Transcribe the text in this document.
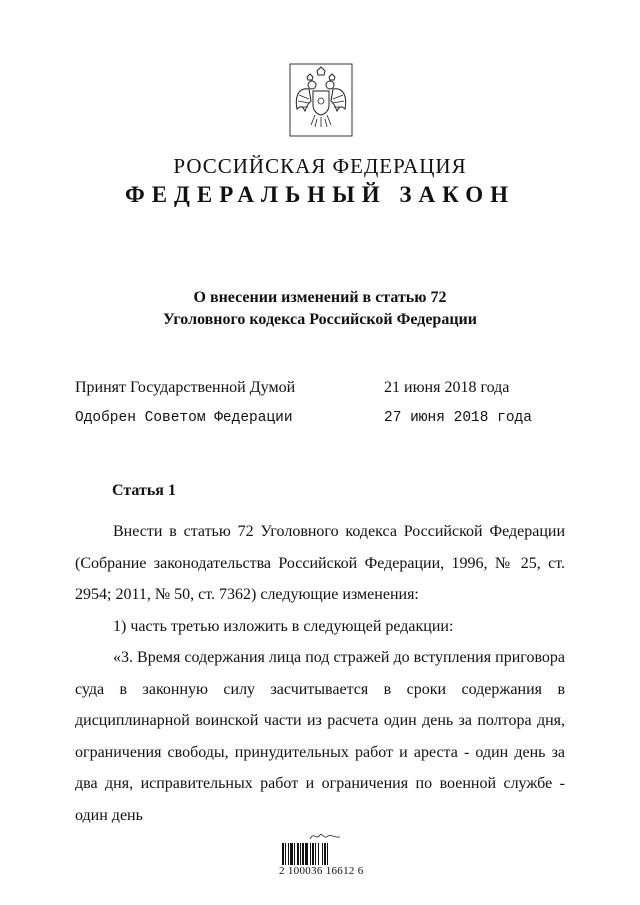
РОССИЙСКАЯ ФЕДЕРАЦИЯ
ФЕДЕРАЛЬНЫЙ ЗАКОН
О внесении изменений в статью 72
Уголовного кодекса Российской Федерации
Принят Государственной Думой	21 июня 2018 года
Одобрен Советом Федерации	27 июня 2018 года
Статья 1

Внести в статью 72 Уголовного кодекса Российской Федерации (Собрание законодательства Российской Федерации, 1996, № 25, ст. 2954; 2011, № 50, ст. 7362) следующие изменения:

1) часть третью изложить в следующей редакции:

«3. Время содержания лица под стражей до вступления приговора суда в законную силу засчитывается в сроки содержания в дисциплинарной воинской части из расчета один день за полтора дня, ограничения свободы, принудительных работ и ареста - один день за два дня, исправительных работ и ограничения по военной службе - один день

2 100036 16612 6
